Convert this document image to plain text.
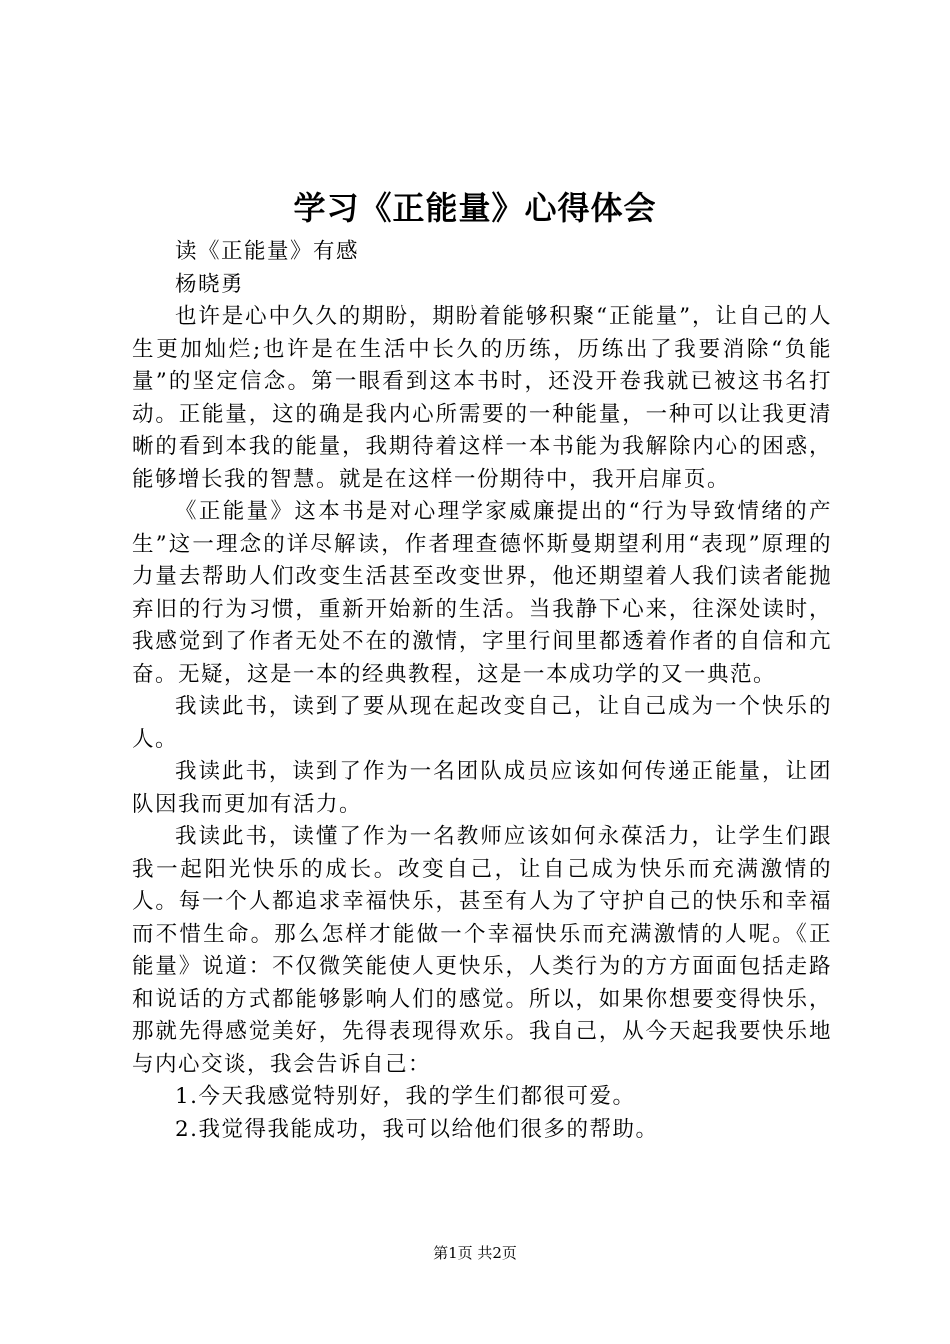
学习《正能量》心得体会

读《正能量》有感

杨晓勇

也许是心中久久的期盼，期盼着能够积聚“正能量”，让自己的人生更加灿烂;也许是在生活中长久的历练，历练出了我要消除“负能量”的坚定信念。第一眼看到这本书时，还没开卷我就已被这书名打动。正能量，这的确是我内心所需要的一种能量，一种可以让我更清晰的看到本我的能量，我期待着这样一本书能为我解除内心的困惑，能够增长我的智慧。就是在这样一份期待中，我开启扉页。

《正能量》这本书是对心理学家威廉提出的“行为导致情绪的产生”这一理念的详尽解读，作者理查德怀斯曼期望利用“表现”原理的力量去帮助人们改变生活甚至改变世界，他还期望着人我们读者能抛弃旧的行为习惯，重新开始新的生活。当我静下心来，往深处读时，我感觉到了作者无处不在的激情，字里行间里都透着作者的自信和亢奋。无疑，这是一本的经典教程，这是一本成功学的又一典范。

我读此书，读到了要从现在起改变自己，让自己成为一个快乐的人。

我读此书，读到了作为一名团队成员应该如何传递正能量，让团队因我而更加有活力。

我读此书，读懂了作为一名教师应该如何永葆活力，让学生们跟我一起阳光快乐的成长。改变自己，让自己成为快乐而充满激情的人。每一个人都追求幸福快乐，甚至有人为了守护自己的快乐和幸福而不惜生命。那么怎样才能做一个幸福快乐而充满激情的人呢。《正能量》说道：不仅微笑能使人更快乐，人类行为的方方面面包括走路和说话的方式都能够影响人们的感觉。所以，如果你想要变得快乐，那就先得感觉美好，先得表现得欢乐。我自己，从今天起我要快乐地与内心交谈，我会告诉自己：

1.今天我感觉特别好，我的学生们都很可爱。

2.我觉得我能成功，我可以给他们很多的帮助。

第1页 共2页
